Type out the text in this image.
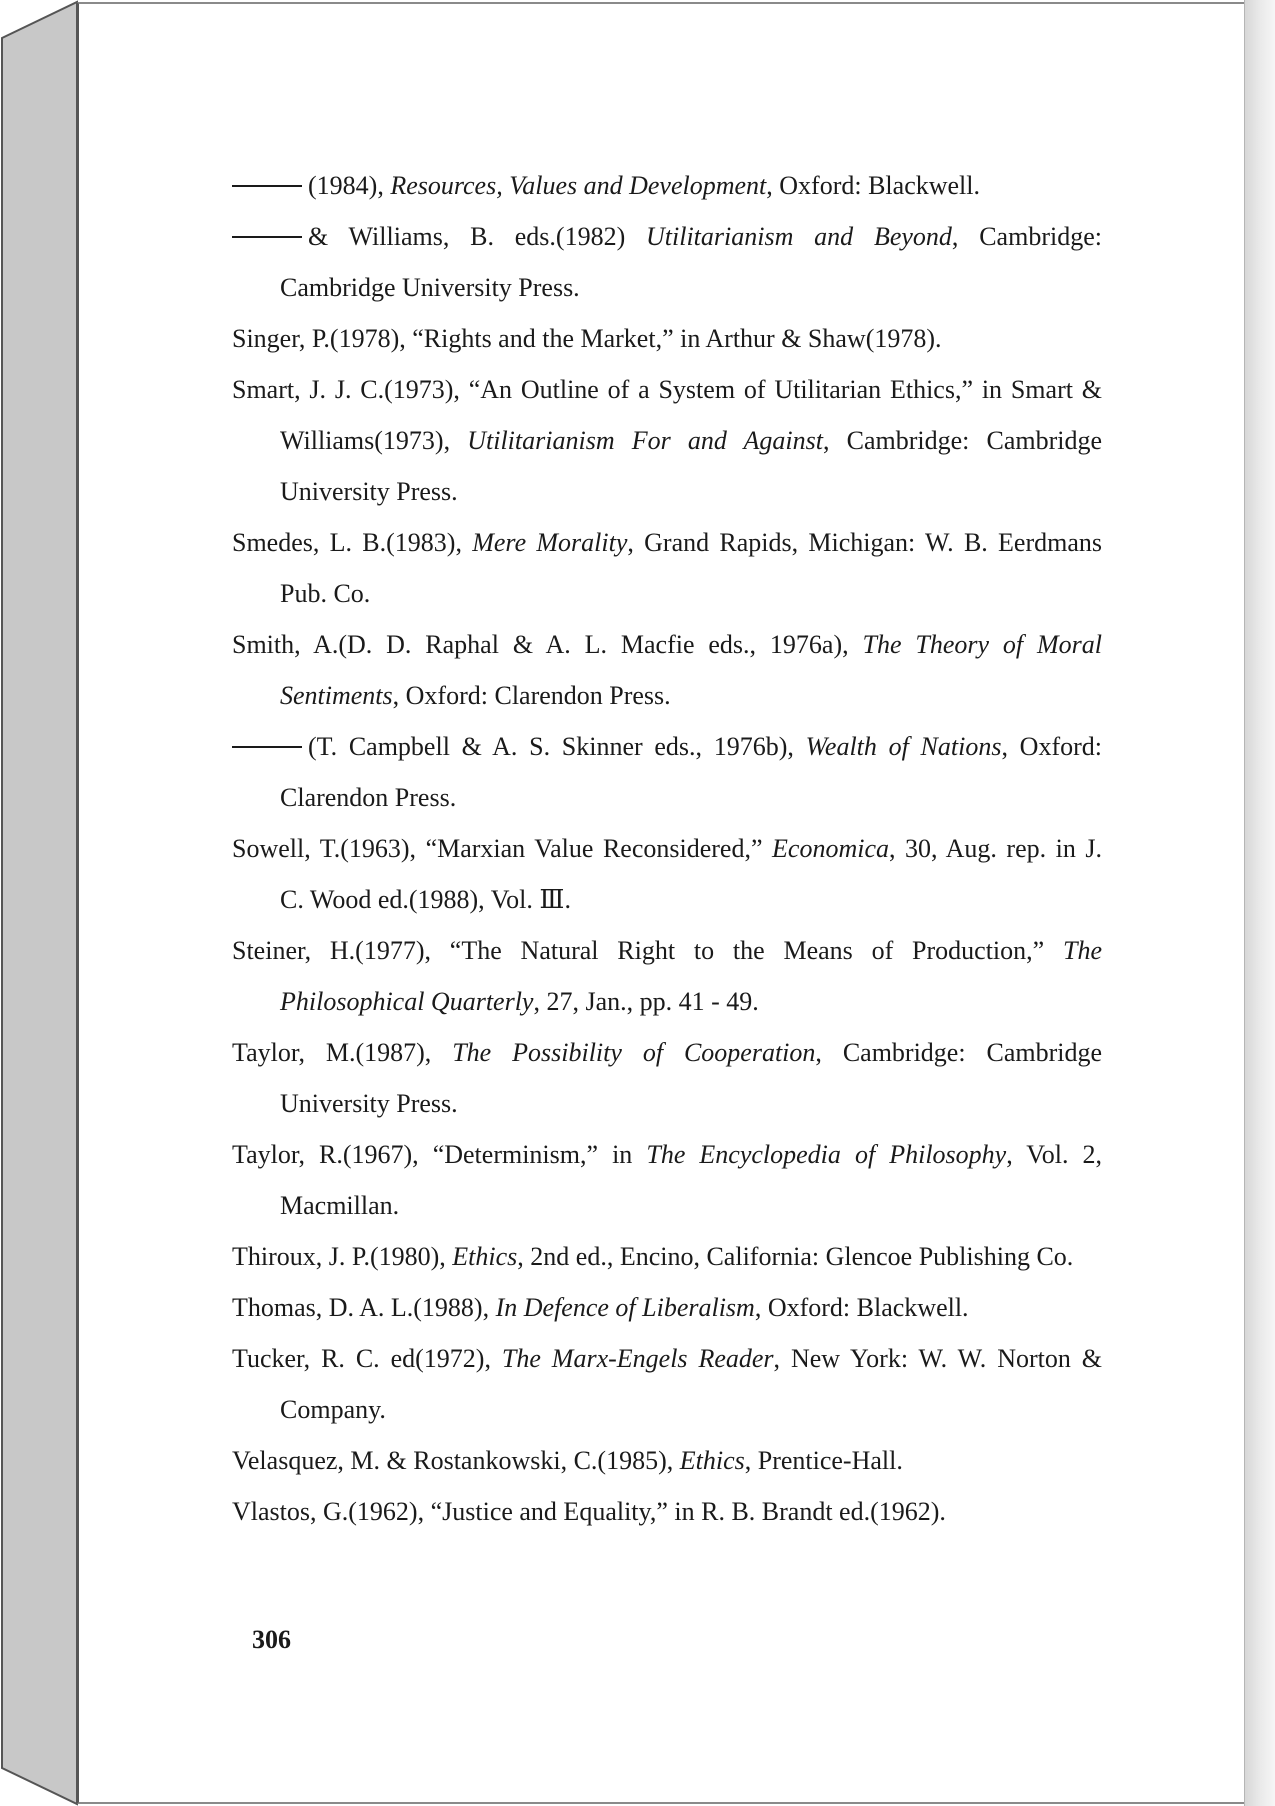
(1984), Resources, Values and Development, Oxford: Blackwell.

& Williams, B. eds.(1982) Utilitarianism and Beyond, Cambridge: Cambridge University Press.

Singer, P.(1978), “Rights and the Market,” in Arthur & Shaw(1978).

Smart, J. J. C.(1973), “An Outline of a System of Utilitarian Ethics,” in Smart & Williams(1973), Utilitarianism For and Against, Cambridge: Cambridge University Press.

Smedes, L. B.(1983), Mere Morality, Grand Rapids, Michigan: W. B. Eerdmans Pub. Co.

Smith, A.(D. D. Raphal & A. L. Macfie eds., 1976a), The Theory of Moral Sentiments, Oxford: Clarendon Press.

(T. Campbell & A. S. Skinner eds., 1976b), Wealth of Nations, Oxford: Clarendon Press.

Sowell, T.(1963), “Marxian Value Reconsidered,” Economica, 30, Aug. rep. in J. C. Wood ed.(1988), Vol. Ⅲ.

Steiner, H.(1977), “The Natural Right to the Means of Production,” The Philosophical Quarterly, 27, Jan., pp. 41 - 49.

Taylor, M.(1987), The Possibility of Cooperation, Cambridge: Cambridge University Press.

Taylor, R.(1967), “Determinism,” in The Encyclopedia of Philosophy, Vol. 2, Macmillan.

Thiroux, J. P.(1980), Ethics, 2nd ed., Encino, California: Glencoe Publishing Co.

Thomas, D. A. L.(1988), In Defence of Liberalism, Oxford: Blackwell.

Tucker, R. C. ed(1972), The Marx-Engels Reader, New York: W. W. Norton & Company.

Velasquez, M. & Rostankowski, C.(1985), Ethics, Prentice-Hall.

Vlastos, G.(1962), “Justice and Equality,” in R. B. Brandt ed.(1962).

306
